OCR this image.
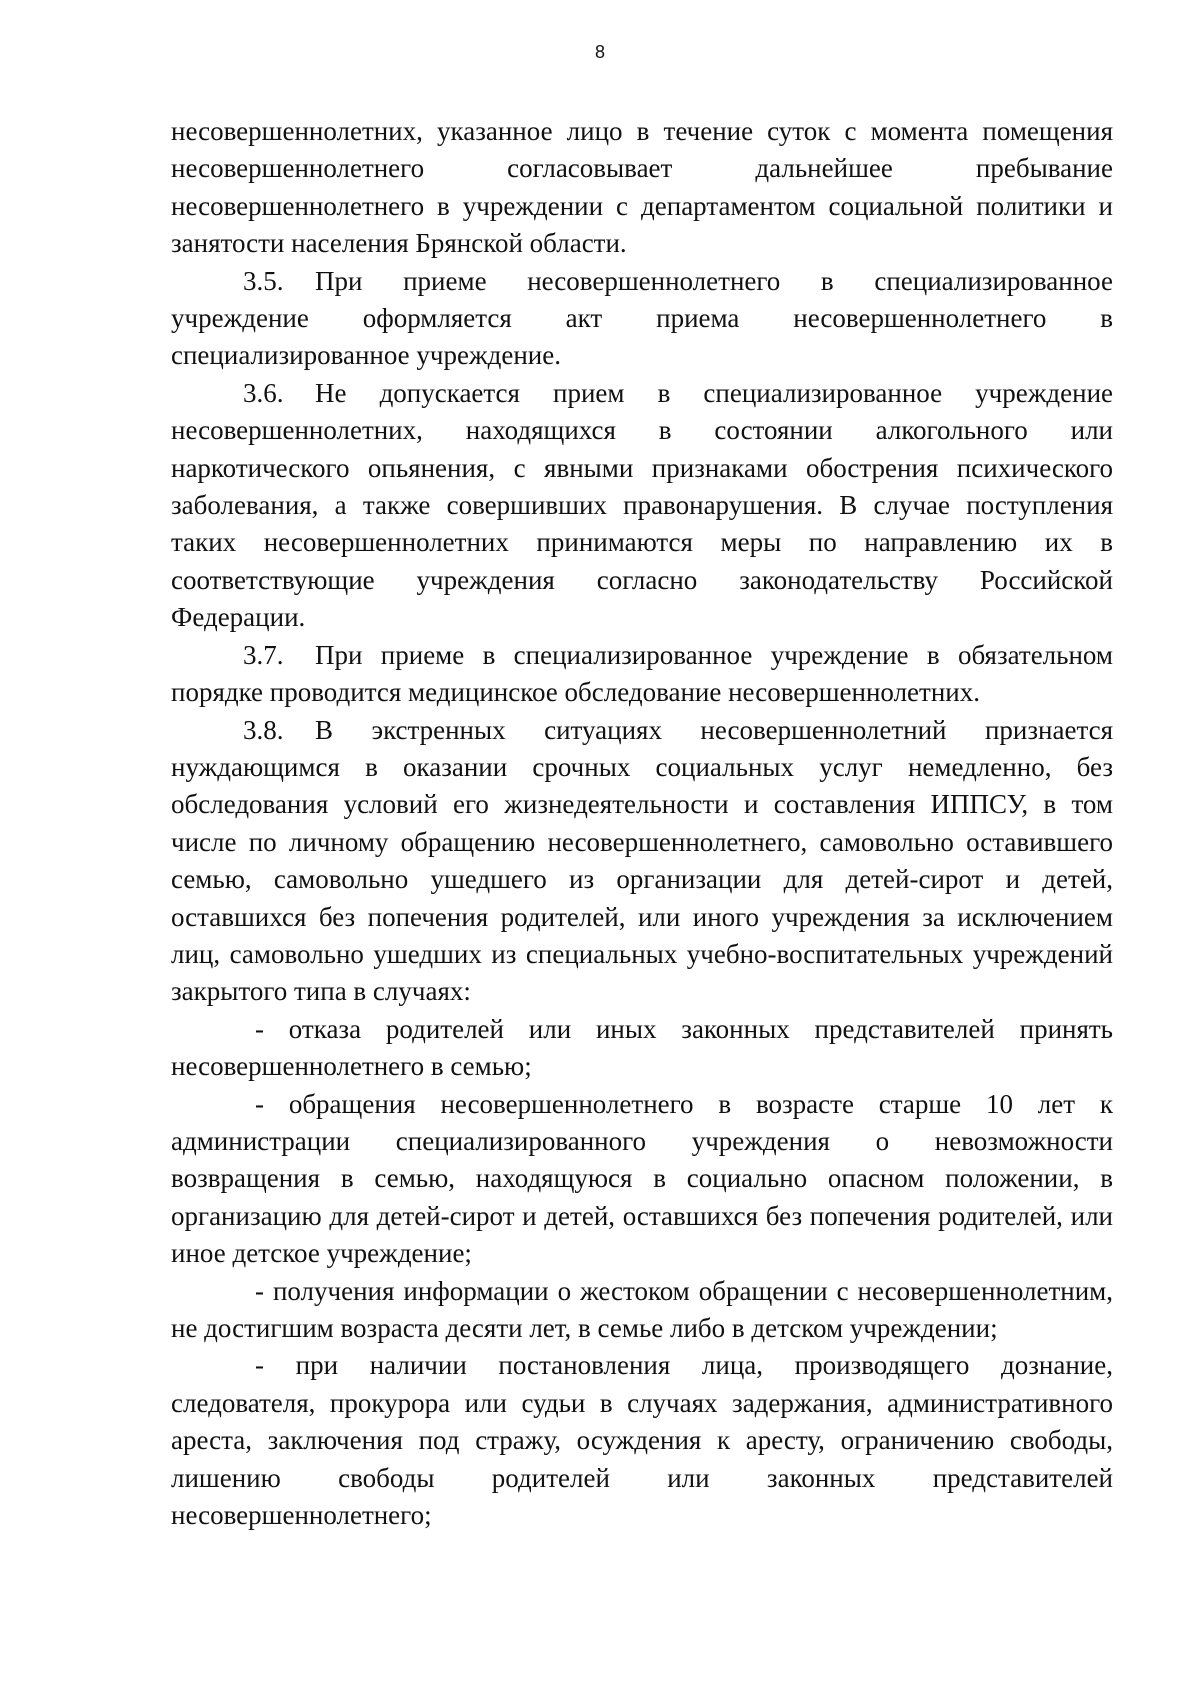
8

несовершеннолетних, указанное лицо в течение суток с момента помещения несовершеннолетнего согласовывает дальнейшее пребывание несовершеннолетнего в учреждении с департаментом социальной политики и занятости населения Брянской области.

3.5. При приеме несовершеннолетнего в специализированное учреждение оформляется акт приема несовершеннолетнего в специализированное учреждение.

3.6. Не допускается прием в специализированное учреждение несовершеннолетних, находящихся в состоянии алкогольного или наркотического опьянения, с явными признаками обострения психического заболевания, а также совершивших правонарушения. В случае поступления таких несовершеннолетних принимаются меры по направлению их в соответствующие учреждения согласно законодательству Российской Федерации.

3.7. При приеме в специализированное учреждение в обязательном порядке проводится медицинское обследование несовершеннолетних.

3.8. В экстренных ситуациях несовершеннолетний признается нуждающимся в оказании срочных социальных услуг немедленно, без обследования условий его жизнедеятельности и составления ИППСУ, в том числе по личному обращению несовершеннолетнего, самовольно оставившего семью, самовольно ушедшего из организации для детей-сирот и детей, оставшихся без попечения родителей, или иного учреждения за исключением лиц, самовольно ушедших из специальных учебно-воспитательных учреждений закрытого типа в случаях:

- отказа родителей или иных законных представителей принять несовершеннолетнего в семью;

- обращения несовершеннолетнего в возрасте старше 10 лет к администрации специализированного учреждения о невозможности возвращения в семью, находящуюся в социально опасном положении, в организацию для детей-сирот и детей, оставшихся без попечения родителей, или иное детское учреждение;

- получения информации о жестоком обращении с несовершеннолетним, не достигшим возраста десяти лет, в семье либо в детском учреждении;

- при наличии постановления лица, производящего дознание, следователя, прокурора или судьи в случаях задержания, административного ареста, заключения под стражу, осуждения к аресту, ограничению свободы, лишению свободы родителей или законных представителей несовершеннолетнего;
